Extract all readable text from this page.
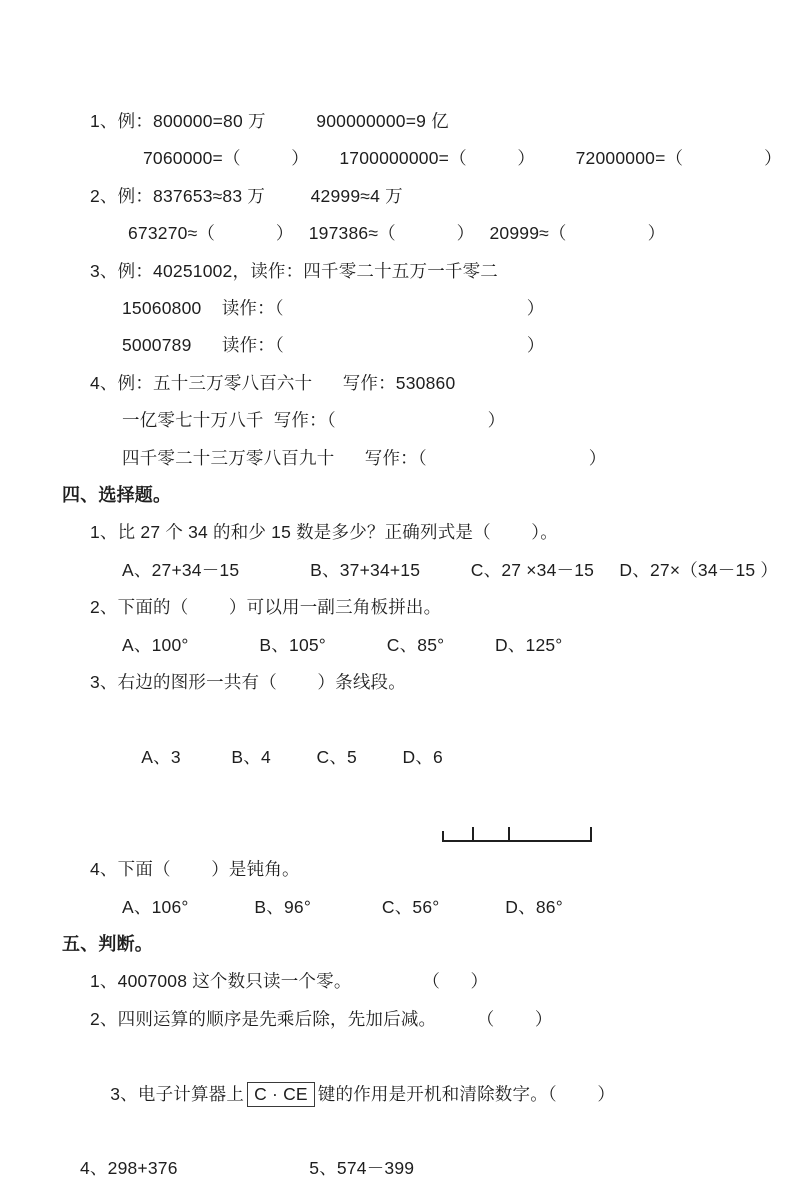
1、例：800000=80 万          900000000=9 亿
7060000=（          ）      1700000000=（          ）        72000000=（                ）
2、例：837653≈83 万         42999≈4 万
673270≈（            ）   197386≈（            ）   20999≈（                ）
3、例：40251002，读作：四千零二十五万一千零二
15060800    读作：（                                                ）
5000789      读作：（                                                ）
4、例：五十三万零八百六十      写作：530860
一亿零七十万八千  写作：（                              ）
四千零二十三万零八百九十      写作：（                                ）
四、选择题。
1、比 27 个 34 的和少 15 数是多少？正确列式是（        ）。
A、27+34－15              B、37+34+15          C、27 ×34－15     D、27×（34－15 ）
2、下面的（        ）可以用一副三角板拼出。
A、100°              B、105°            C、85°          D、125°
3、右边的图形一共有（        ）条线段。

A、3          B、4         C、5         D、6

4、下面（        ）是钝角。
A、106°             B、96°              C、56°             D、86°
五、判断。
1、4007008 这个数只读一个零。              （      ）
2、四则运算的顺序是先乘后除，先加后减。        （        ）

3、电子计算器上 C · CE 键的作用是开机和清除数字。（        ）

4、298+376                          5、574－399
